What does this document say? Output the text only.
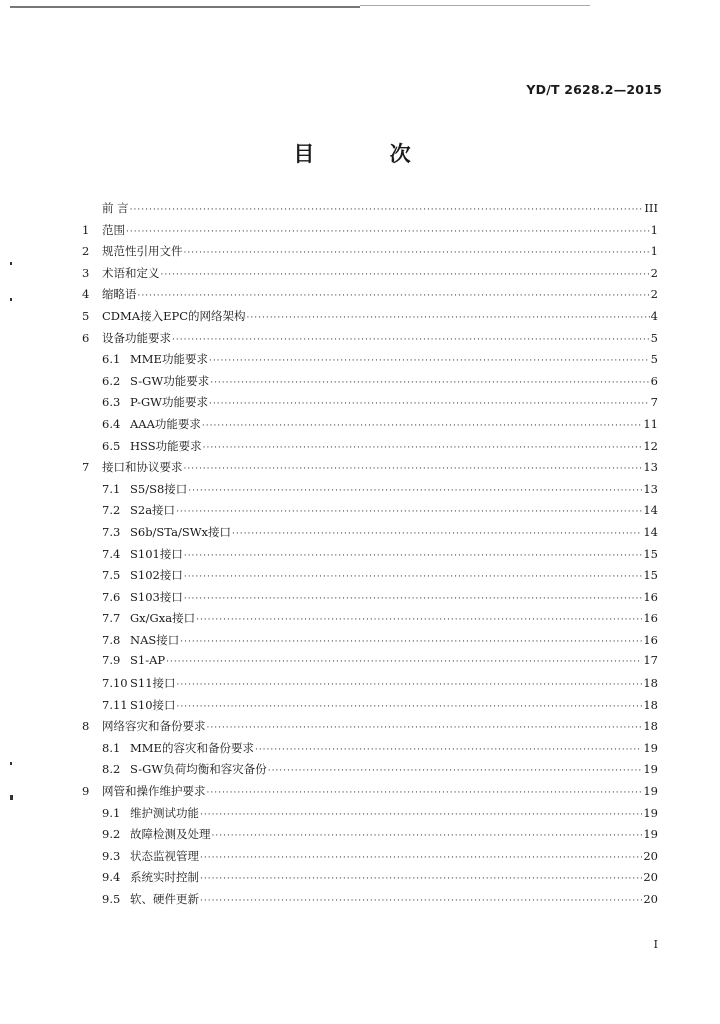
YD/T 2628.2—2015
目 次
前 言 ·····	III
1	范围 ·····	1
2	规范性引用文件 ·····	1
3	术语和定义 ·····	2
4	缩略语 ·····	2
5	CDMA接入EPC的网络架构 ·····	4
6	设备功能要求 ·····	5
6.1 MME功能要求 ·····	5
6.2 S-GW功能要求 ·····	6
6.3 P-GW功能要求 ·····	7
6.4 AAA功能要求 ·····	11
6.5 HSS功能要求 ·····	12
7	接口和协议要求 ·····	13
7.1 S5/S8接口 ·····	13
7.2 S2a接口 ·····	14
7.3 S6b/STa/SWx接口 ·····	14
7.4 S101接口 ·····	15
7.5 S102接口 ·····	15
7.6 S103接口 ·····	16
7.7 Gx/Gxa接口 ·····	16
7.8 NAS接口 ·····	16
7.9 S1-AP ·····	17
7.10 S11接口 ·····	18
7.11 S10接口 ·····	18
8	网络容灾和备份要求 ·····	18
8.1 MME的容灾和备份要求 ·····	19
8.2 S-GW负荷均衡和容灾备份 ·····	19
9	网管和操作维护要求 ·····	19
9.1 维护测试功能 ·····	19
9.2 故障检测及处理 ·····	19
9.3 状态监视管理 ·····	20
9.4 系统实时控制 ·····	20
9.5 软、硬件更新 ·····	20
I
